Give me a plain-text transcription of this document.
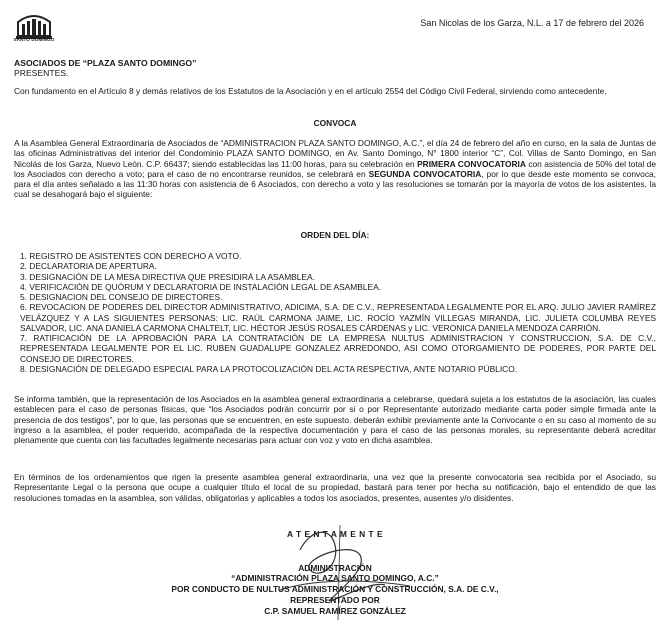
SANTO DOMINGO
San Nicolas de los Garza, N.L. a 17 de febrero del 2026
ASOCIADOS DE “PLAZA SANTO DOMINGO”
PRESENTES.
Con fundamento en el Artículo 8 y demás relativos de los Estatutos de la Asociación y en el artículo 2554 del Código Civil Federal, sirviendo como antecedente,
CONVOCA
A la Asamblea General Extraordinaria de Asociados de “ADMINISTRACION PLAZA SANTO DOMINGO, A.C.”, el día 24 de febrero del año en curso, en la sala de Juntas de las oficinas Administrativas del interior del Condominio PLAZA SANTO DOMINGO, en Av. Santo Domingo, N° 1800 interior “C”, Col. Villas de Santo Domingo, en San Nicolás de los Garza, Nuevo León. C.P. 66437; siendo establecidas las 11:00 horas, para su celebración en PRIMERA CONVOCATORIA con asistencia de 50% del total de los Asociados con derecho a voto; para el caso de no encontrarse reunidos, se celebrará en SEGUNDA CONVOCATORIA, por lo que desde este momento se convoca, para el día antes señalado a las 11:30 horas con asistencia de 6 Asociados, con derecho a voto y las resoluciones se tomarán por la mayoría de votos de los asistentes, la cual se desahogará bajo el siguiente:
ORDEN DEL DÍA:
1. REGISTRO DE ASISTENTES CON DERECHO A VOTO.
2. DECLARATORIA DE APERTURA.
3. DESIGNACIÓN DE LA MESA DIRECTIVA QUE PRESIDIRÁ LA ASAMBLEA.
4. VERIFICACIÓN DE QUÓRUM Y DECLARATORIA DE INSTALACIÓN LEGAL DE ASAMBLEA.
5. DESIGNACION DEL CONSEJO DE DIRECTORES.
6. REVOCACION DE PODERES DEL DIRECTOR ADMINISTRATIVO, ADICIMA, S.A. DE C.V., REPRESENTADA LEGALMENTE POR EL ARQ. JULIO JAVIER RAMÍREZ VELÁZQUEZ Y A LAS SIGUIENTES PERSONAS: LIC. RAÚL CARMONA JAIME, LIC. ROCÍO YAZMÍN VILLEGAS MIRANDA, LIC. JULIETA COLUMBA REYES SALVADOR, LIC. ANA DANIELA CARMONA CHALTELT, LIC. HÉCTOR JESÚS ROSALES CÁRDENAS y LIC. VERONICA DANIELA MENDOZA CARRIÓN.
7. RATIFICACIÓN DE LA APROBACIÓN PARA LA CONTRATACIÓN DE LA EMPRESA NULTUS ADMINISTRACION Y CONSTRUCCION, S.A. DE C.V., REPRESENTADA LEGALMENTE POR EL LIC. RUBEN GUADALUPE GONZALEZ ARREDONDO, ASI COMO OTORGAMIENTO DE PODERES, POR PARTE DEL CONSEJO DE DIRECTORES.
8. DESIGNACIÓN DE DELEGADO ESPECIAL PARA LA PROTOCOLIZACIÓN DEL ACTA RESPECTIVA, ANTE NOTARIO PÚBLICO.
Se informa también, que la representación de los Asociados en la asamblea general extraordinaria a celebrarse, quedará sujeta a los estatutos de la asociación, las cuales establecen para el caso de personas físicas, que “los Asociados podrán concurrir por si o por Representante autorizado mediante carta poder simple firmada ante la presencia de dos testigos”, por lo que, las personas que se encuentren, en este supuesto. deberán exhibir previamente ante la Convocante o en su caso al momento de su ingreso a la asamblea, el poder requerido, acompañada de la respectiva documentación y para el caso de las personas morales, su representante deberá acreditar plenamente que cuenta con las facultades legalmente necesarias para actuar con voz y voto en dicha asamblea.
En términos de los ordenamientos que rigen la presente asamblea general extraordinaria, una vez que la presente convocatoria sea recibida por el Asociado, su Representante Legal o la persona que ocupe a cualquier título el local de su propiedad, bastará para tener por hecha su notificación, bajo el entendido de que las resoluciones tomadas en la asamblea, son válidas, obligatorias y aplicables a todos los asociados, presentes, ausentes y/o disidentes.
A T E N T A M E N T E
ADMINISTRACIÓN
“ADMINISTRACIÓN PLAZA SANTO DOMINGO, A.C.”
POR CONDUCTO DE NULTUS ADMINISTRACIÓN Y CONSTRUCCIÓN, S.A. DE C.V.,
REPRESENTADO POR
C.P. SAMUEL RAMÍREZ GONZÁLEZ
